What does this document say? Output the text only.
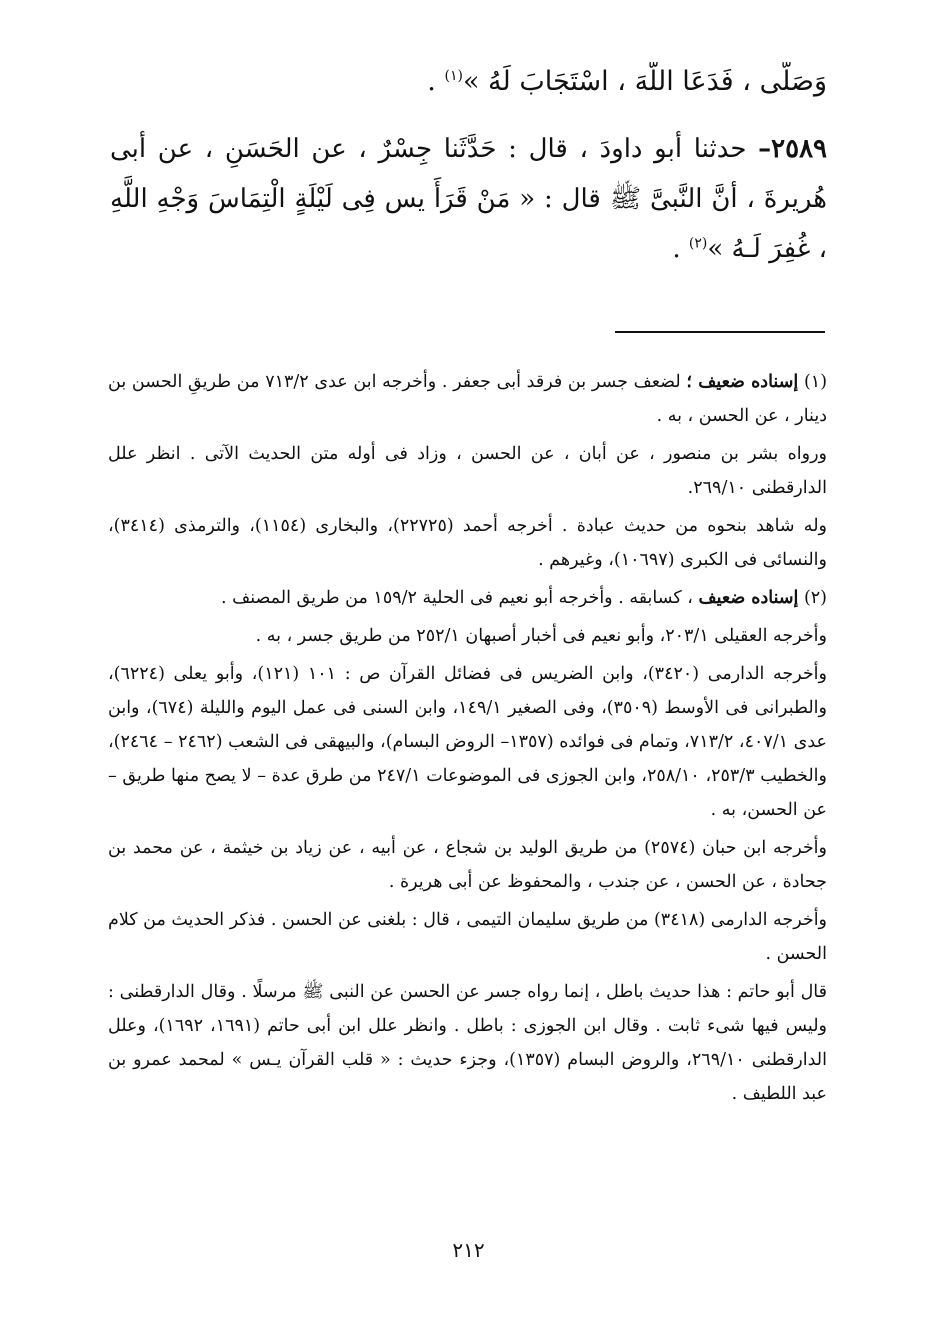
وَصَلَّى ، فَدَعَا اللَّهَ ، اسْتَجَابَ لَهُ »$^{(١)}$ .

٢٥٨٩– حدثنا أبو داودَ ، قال : حَدَّثَنا جِسْرٌ ، عن الحَسَنِ ، عن أبى هُريرةَ ، أنَّ النَّبىَّ ﷺ قال : « مَنْ قَرَأَ يس فِى لَيْلَةٍ الْتِمَاسَ وَجْهِ اللَّهِ ، غُفِرَ لَـهُ »$^{(٢)}$ .

(١) إسناده ضعيف ؛ لضعف جسر بن فرقد أبى جعفر . وأخرجه ابن عدى ٧١٣/٢ من طريقِ الحسن بن دينار ، عن الحسن ، به .

ورواه بشر بن منصور ، عن أبان ، عن الحسن ، وزاد فى أوله متن الحديث الآتى . انظر علل الدارقطنى ٢٦٩/١٠.

وله شاهد بنحوه من حديث عبادة . أخرجه أحمد (٢٢٧٢٥)، والبخارى (١١٥٤)، والترمذى (٣٤١٤)، والنسائى فى الكبرى (١٠٦٩٧)، وغيرهم .

(٢) إسناده ضعيف ، كسابقه . وأخرجه أبو نعيم فى الحلية ١٥٩/٢ من طريق المصنف .

وأخرجه العقيلى ٢٠٣/١، وأبو نعيم فى أخبار أصبهان ٢٥٢/١ من طريق جسر ، به .

وأخرجه الدارمى (٣٤٢٠)، وابن الضريس فى فضائل القرآن ص : ١٠١ (١٢١)، وأبو يعلى (٦٢٢٤)، والطبرانى فى الأوسط (٣٥٠٩)، وفى الصغير ١٤٩/١، وابن السنى فى عمل اليوم والليلة (٦٧٤)، وابن عدى ٤٠٧/١، ٧١٣/٢، وتمام فى فوائده (١٣٥٧– الروض البسام)، والبيهقى فى الشعب (٢٤٦٢ – ٢٤٦٤)، والخطيب ٢٥٣/٣، ٢٥٨/١٠، وابن الجوزى فى الموضوعات ٢٤٧/١ من طرق عدة – لا يصح منها طريق – عن الحسن، به .

وأخرجه ابن حبان (٢٥٧٤) من طريق الوليد بن شجاع ، عن أبيه ، عن زياد بن خيثمة ، عن محمد بن جحادة ، عن الحسن ، عن جندب ، والمحفوظ عن أبى هريرة .

وأخرجه الدارمى (٣٤١٨) من طريق سليمان التيمى ، قال : بلغنى عن الحسن . فذكر الحديث من كلام الحسن .

قال أبو حاتم : هذا حديث باطل ، إنما رواه جسر عن الحسن عن النبى ﷺ مرسلًا . وقال الدارقطنى : وليس فيها شىء ثابت . وقال ابن الجوزى : باطل . وانظر علل ابن أبى حاتم (١٦٩١، ١٦٩٢)، وعلل الدارقطنى ٢٦٩/١٠، والروض البسام (١٣٥٧)، وجزء حديث : « قلب القرآن يـس » لمحمد عمرو بن عبد اللطيف .

٢١٢
